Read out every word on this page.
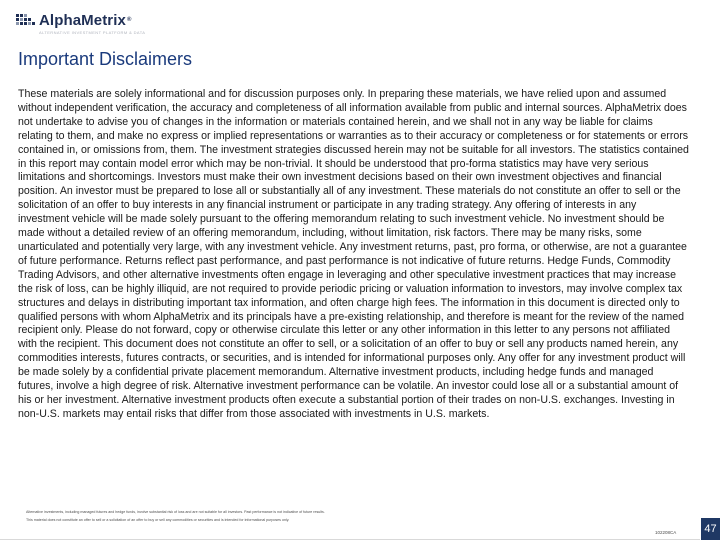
AlphaMetrix®
ALTERNATIVE INVESTMENT PLATFORM & DATA
Important Disclaimers

These materials are solely informational and for discussion purposes only. In preparing these materials, we have relied upon and assumed without independent verification, the accuracy and completeness of all information available from public and internal sources. AlphaMetrix does not undertake to advise you of changes in the information or materials contained herein, and we shall not in any way be liable for claims relating to them, and make no express or implied representations or warranties as to their accuracy or completeness or for statements or errors contained in, or omissions from, them. The investment strategies discussed herein may not be suitable for all investors. The statistics contained in this report may contain model error which may be non-trivial. It should be understood that pro-forma statistics may have very serious limitations and shortcomings. Investors must make their own investment decisions based on their own investment objectives and financial position. An investor must be prepared to lose all or substantially all of any investment. These materials do not constitute an offer to sell or the solicitation of an offer to buy interests in any financial instrument or participate in any trading strategy. Any offering of interests in any investment vehicle will be made solely pursuant to the offering memorandum relating to such investment vehicle. No investment should be made without a detailed review of an offering memorandum, including, without limitation, risk factors. There may be many risks, some unarticulated and potentially very large, with any investment vehicle. Any investment returns, past, pro forma, or otherwise, are not a guarantee of future performance. Returns reflect past performance, and past performance is not indicative of future returns. Hedge Funds, Commodity Trading Advisors, and other alternative investments often engage in leveraging and other speculative investment practices that may increase the risk of loss, can be highly illiquid, are not required to provide periodic pricing or valuation information to investors, may involve complex tax structures and delays in distributing important tax information, and often charge high fees. The information in this document is directed only to qualified persons with whom AlphaMetrix and its principals have a pre-existing relationship, and therefore is meant for the review of the named recipient only. Please do not forward, copy or otherwise circulate this letter or any other information in this letter to any persons not affiliated with the recipient. This document does not constitute an offer to sell, or a solicitation of an offer to buy or sell any products named herein, any commodities interests, futures contracts, or securities, and is intended for informational purposes only. Any offer for any investment product will be made solely by a confidential private placement memorandum. Alternative investment products, including hedge funds and managed futures, involve a high degree of risk. Alternative investment performance can be volatile. An investor could lose all or a substantial amount of his or her investment. Alternative investment products often execute a substantial portion of their trades on non-U.S. exchanges. Investing in non-U.S. markets may entail risks that differ from those associated with investments in U.S. markets.

Alternative investments, including managed futures and hedge funds, involve substantial risk of loss and are not suitable for all investors. Past performance is not indicative of future results.
This material does not constitute an offer to sell or a solicitation of an offer to buy or sell any commodities or securities and is intended for informational purposes only.
102208CA	47
